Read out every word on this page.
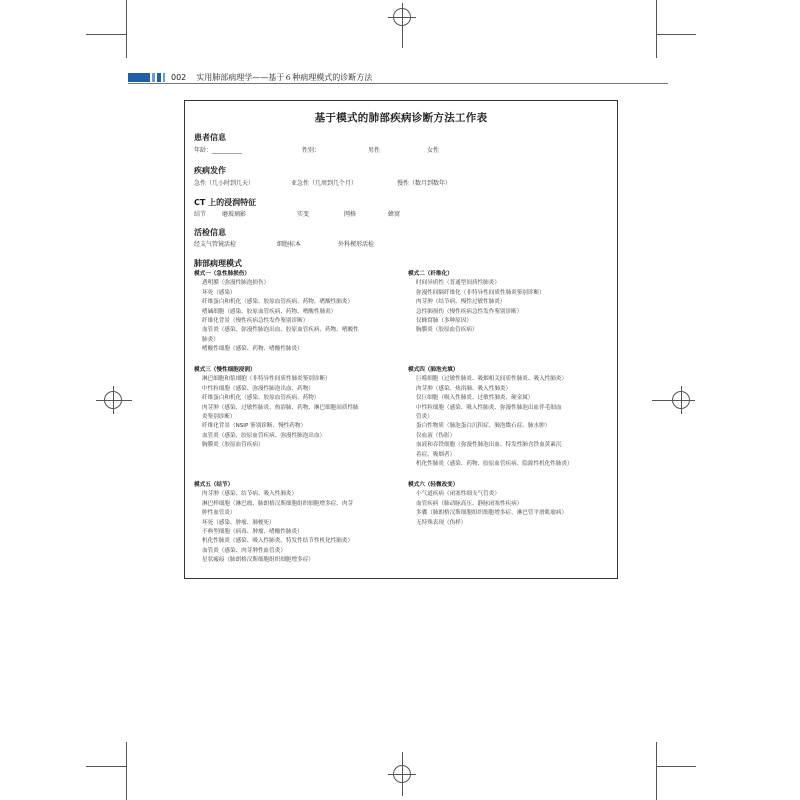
002 实用肺部病理学——基于６种病理模式的诊断方法
基于模式的肺部疾病诊断方法工作表
患者信息
年龄：__________	性别：	男性	女性
疾病发作
急性（几小时到几天）	亚急性（几周到几个月）	慢性（数月到数年）
CT 上的浸润特征
结节	磨玻璃影	实变	网格	蜂窝
活检信息
经支气管镜活检	细胞标本	外科楔形活检
肺部病理模式
模式一（急性肺损伤）
透明膜（弥漫性肺泡损伤）
坏死（感染）
纤维蛋白和机化（感染、胶原血管疾病、药物、嗜酸性肺炎）
嗜碱细胞（感染、胶原血管疾病、药物、嗜酸性肺炎）
纤维化背景（慢性疾病急性发作鉴别诊断）
血管炎（感染、弥漫性肺泡出血、胶原血管疾病、药物、嗜酸性
肺炎）
嗜酸性细胞（感染、药物、嗜酸性肺炎）
模式三（慢性细胞浸润）
淋巴细胞和浆细胞（非特异性间质性肺炎鉴别诊断）
中性粒细胞（感染、弥漫性肺泡出血、药物）
纤维蛋白和机化（感染、胶原血管疾病、药物）
肉芽肿（感染、过敏性肺炎、热浴肺、药物、淋巴细胞间质性肺
炎鉴别诊断）
纤维化背景（NSIP 鉴别诊断、慢性药物）
血管炎（感染、胶原血管疾病、弥漫性肺泡出血）
胸膜炎（胶原血管疾病）
模式五（结节）
肉芽肿（感染、结节病、吸入性肺炎）
淋巴样细胞（淋巴瘤、肺朗格汉斯细胞组织细胞增多症、肉芽
肿性血管炎）
坏死（感染、肿瘤、肺梗死）
不典型细胞（病毒、肿瘤、嗜酸性肺炎）
机化性肺炎（感染、吸入性肺炎、特发性结节性机化性肺炎）
血管炎（感染、肉芽肿性血管炎）
星状瘢痕（肺朗格汉斯细胞组织细胞增多症）
模式二（纤维化）
时间异质性（普通型间质性肺炎）
弥漫性间隔纤维化（非特异性间质性肺炎鉴别诊断）
肉芽肿（结节病、慢性过敏性肺炎）
急性肺损伤（慢性疾病急性发作鉴别诊断）
仅蜂窝肺（多种原因）
胸膜炎（胶原血管疾病）
模式四（肺泡充填）
巨噬细胞（过敏性肺炎、吸烟相关间质性肺炎、吸入性肺炎）
肉芽肿（感染、热浴肺、吸入性肺炎）
仅巨细胞（吸入性肺炎、过敏性肺炎、硬金属）
中性粒细胞（感染、吸入性肺炎、弥漫性肺泡出血伴毛细血
管炎）
蛋白性物质（肺泡蛋白沉积症、肺泡微石症、肺水肿）
仅血液（伪影）
血液和吞铁细胞（弥漫性肺泡出血、特发性肺含铁血黄素沉
着症、吸烟者）
机化性肺炎（感染、药物、胶原血管疾病、隐源性机化性肺炎）
模式六（轻微改变）
小气道疾病（闭塞性细支气管炎）
血管疾病（肺动脉高压、静脉闭塞性疾病）
多囊（肺朗格汉斯细胞组织细胞增多症、淋巴管平滑肌瘤病）
无特殊表现（伪样）
